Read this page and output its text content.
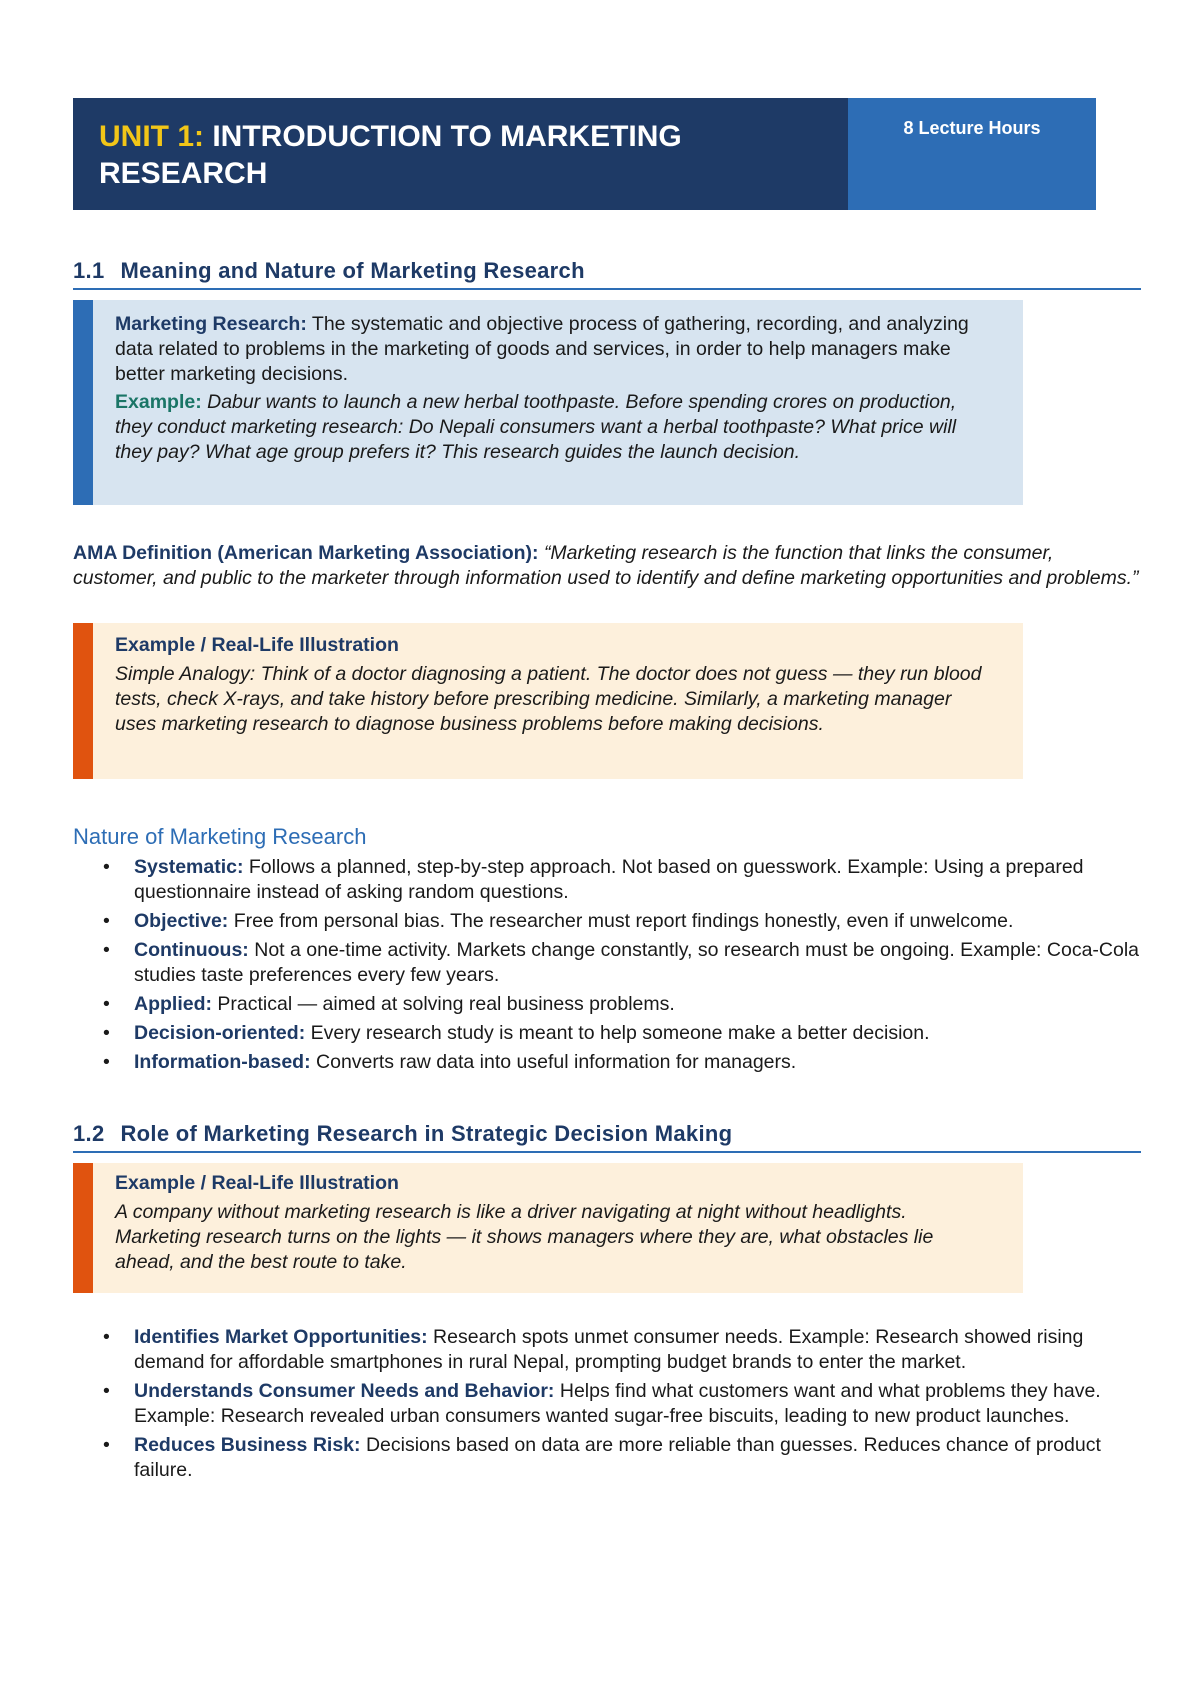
UNIT 1: INTRODUCTION TO MARKETING
RESEARCH
8 Lecture Hours
1.1 Meaning and Nature of Marketing Research
Marketing Research: The systematic and objective process of gathering, recording, and analyzing data related to problems in the marketing of goods and services, in order to help managers make better marketing decisions.
Example: Dabur wants to launch a new herbal toothpaste. Before spending crores on production, they conduct marketing research: Do Nepali consumers want a herbal toothpaste? What price will they pay? What age group prefers it? This research guides the launch decision.
AMA Definition (American Marketing Association): “Marketing research is the function that links the consumer, customer, and public to the marketer through information used to identify and define marketing opportunities and problems.”
Example / Real-Life Illustration
Simple Analogy: Think of a doctor diagnosing a patient. The doctor does not guess — they run blood tests, check X-rays, and take history before prescribing medicine. Similarly, a marketing manager uses marketing research to diagnose business problems before making decisions.
Nature of Marketing Research
• Systematic: Follows a planned, step-by-step approach. Not based on guesswork. Example: Using a prepared questionnaire instead of asking random questions.
• Objective: Free from personal bias. The researcher must report findings honestly, even if unwelcome.
• Continuous: Not a one-time activity. Markets change constantly, so research must be ongoing. Example: Coca-Cola studies taste preferences every few years.
• Applied: Practical — aimed at solving real business problems.
• Decision-oriented: Every research study is meant to help someone make a better decision.
• Information-based: Converts raw data into useful information for managers.
1.2 Role of Marketing Research in Strategic Decision Making
Example / Real-Life Illustration
A company without marketing research is like a driver navigating at night without headlights. Marketing research turns on the lights — it shows managers where they are, what obstacles lie ahead, and the best route to take.
• Identifies Market Opportunities: Research spots unmet consumer needs. Example: Research showed rising demand for affordable smartphones in rural Nepal, prompting budget brands to enter the market.
• Understands Consumer Needs and Behavior: Helps find what customers want and what problems they have. Example: Research revealed urban consumers wanted sugar-free biscuits, leading to new product launches.
• Reduces Business Risk: Decisions based on data are more reliable than guesses. Reduces chance of product failure.
